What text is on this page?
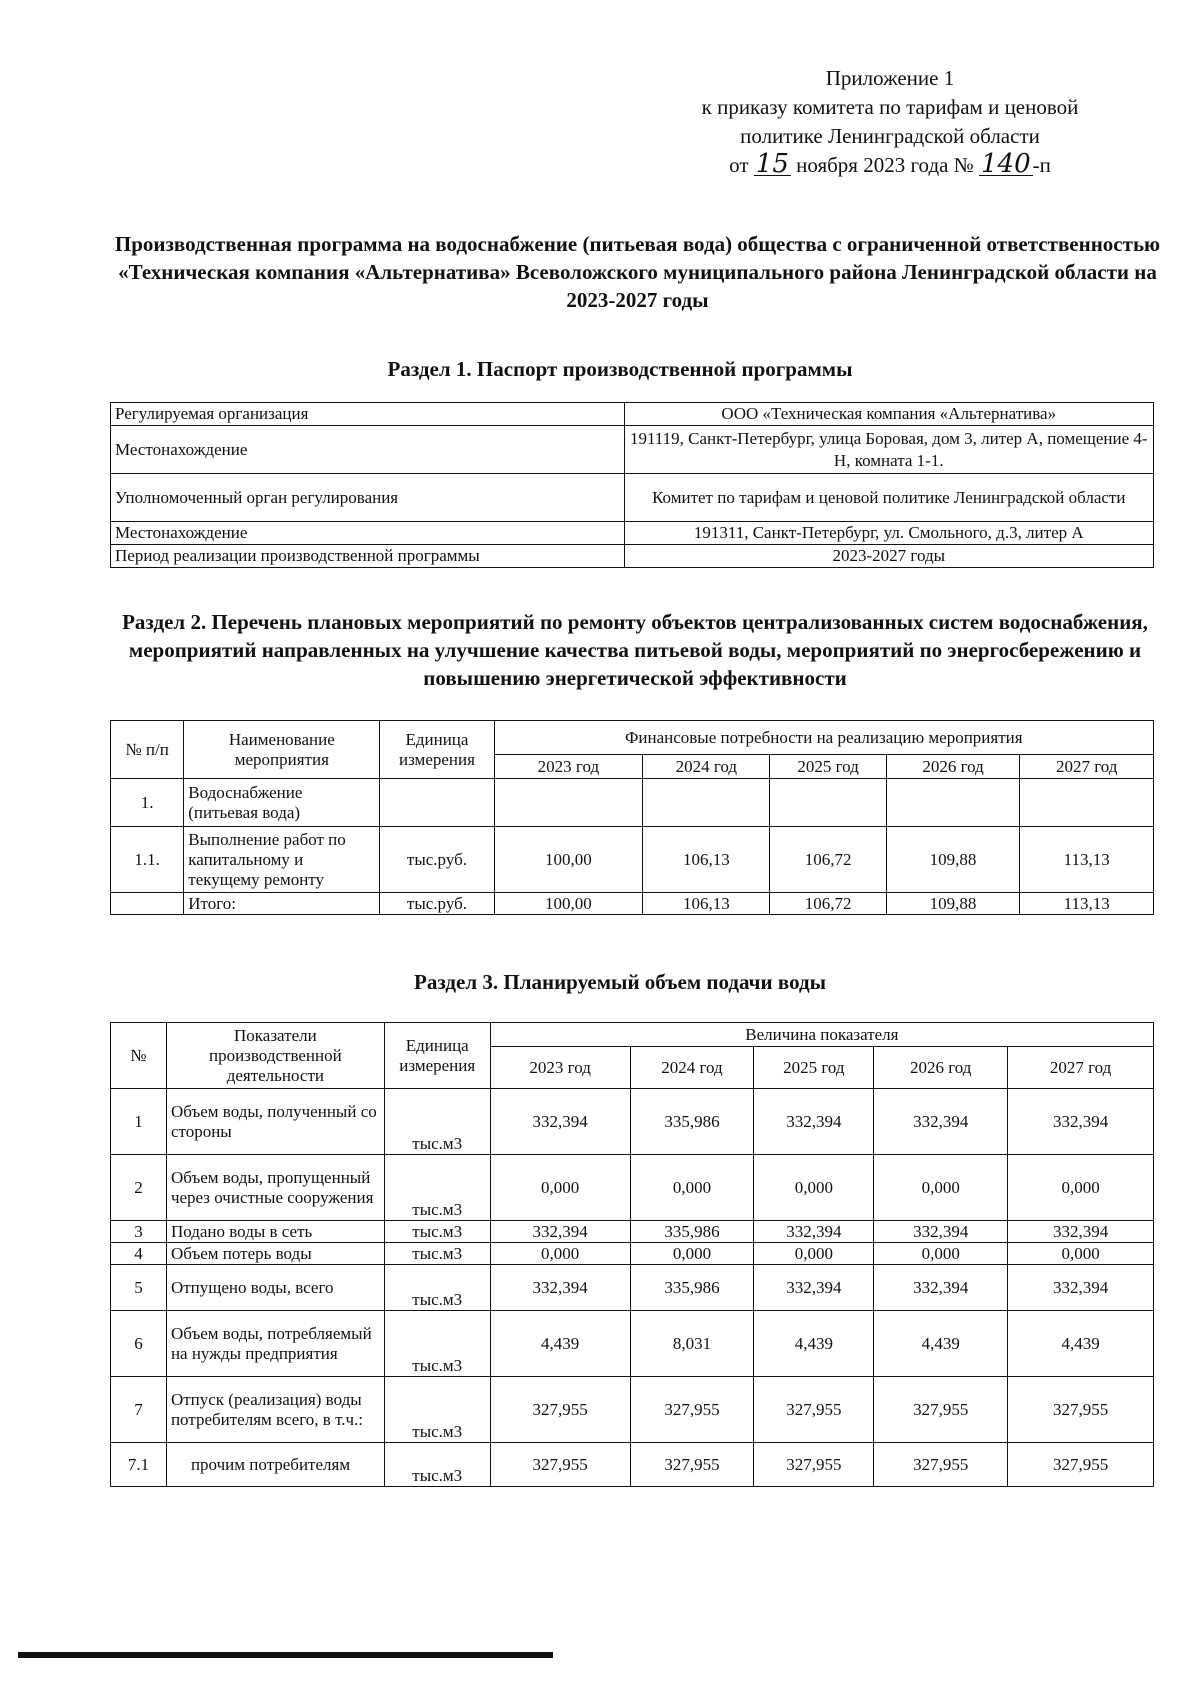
Приложение 1
к приказу комитета по тарифам и ценовой
политике Ленинградской области
от 15 ноября 2023 года № 140-п
Производственная программа на водоснабжение (питьевая вода) общества с ограниченной ответственностью «Техническая компания «Альтернатива» Всеволожского муниципального района Ленинградской области на 2023-2027 годы
Раздел 1. Паспорт производственной программы
Регулируемая организация	ООО «Техническая компания «Альтернатива»
Местонахождение	191119, Санкт-Петербург, улица Боровая, дом 3, литер А, помещение 4-Н, комната 1-1.
Уполномоченный орган регулирования	Комитет по тарифам и ценовой политике Ленинградской области
Местонахождение	191311, Санкт-Петербург, ул. Смольного, д.3, литер А
Период реализации производственной программы	2023-2027 годы
Раздел 2. Перечень плановых мероприятий по ремонту объектов централизованных систем водоснабжения, мероприятий направленных на улучшение качества питьевой воды, мероприятий по энергосбережению и повышению энергетической эффективности
№ п/п	Наименование мероприятия	Единица измерения	Финансовые потребности на реализацию мероприятия				
			2023 год	2024 год	2025 год	2026 год	2027 год
1.	Водоснабжение (питьевая вода)						
1.1.	Выполнение работ по капитальному и текущему ремонту	тыс.руб.	100,00	106,13	106,72	109,88	113,13
	Итого:	тыс.руб.	100,00	106,13	106,72	109,88	113,13
Раздел 3. Планируемый объем подачи воды
№	Показатели производственной деятельности	Единица измерения	Величина показателя				
			2023 год	2024 год	2025 год	2026 год	2027 год
1	Объем воды, полученный со стороны	тыс.м3	332,394	335,986	332,394	332,394	332,394
2	Объем воды, пропущенный через очистные сооружения	тыс.м3	0,000	0,000	0,000	0,000	0,000
3	Подано воды в сеть	тыс.м3	332,394	335,986	332,394	332,394	332,394
4	Объем потерь воды	тыс.м3	0,000	0,000	0,000	0,000	0,000
5	Отпущено воды, всего	тыс.м3	332,394	335,986	332,394	332,394	332,394
6	Объем воды, потребляемый на нужды предприятия	тыс.м3	4,439	8,031	4,439	4,439	4,439
7	Отпуск (реализация) воды потребителям всего, в т.ч.:	тыс.м3	327,955	327,955	327,955	327,955	327,955
7.1	прочим потребителям	тыс.м3	327,955	327,955	327,955	327,955	327,955
